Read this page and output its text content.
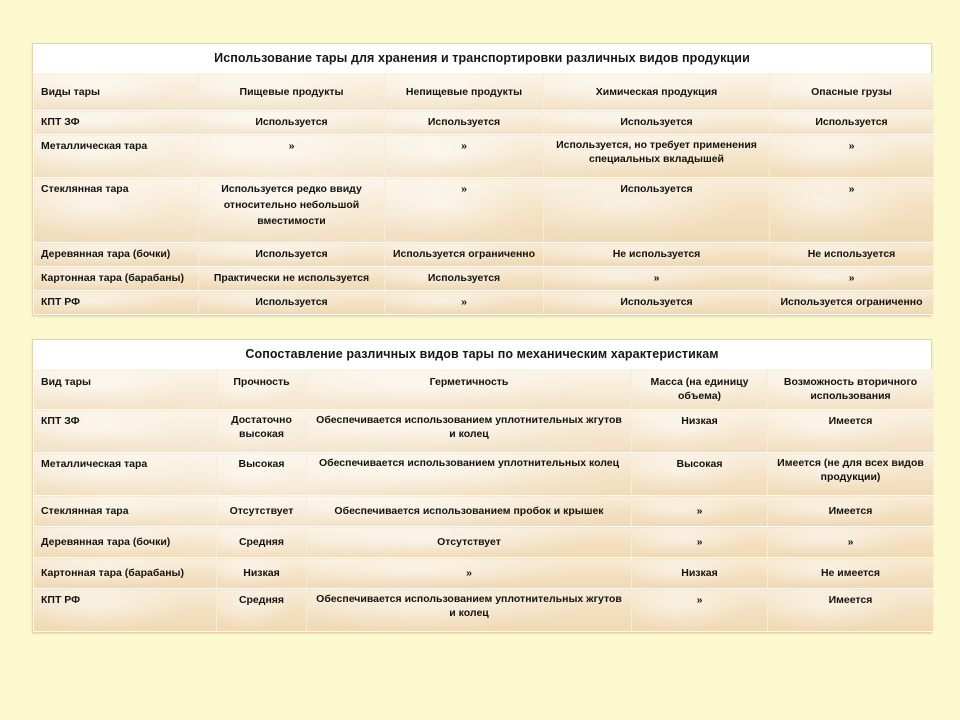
Использование тары для хранения и транспортировки различных видов продукции
Виды тары	Пищевые продукты	Непищевые продукты	Химическая продукция	Опасные грузы
КПТ ЗФ	Используется	Используется	Используется	Используется
Металлическая тара	»	»	Используется, но требует применения специальных вкладышей	»
Стеклянная тара	Используется редко ввиду относительно небольшой вместимости	»	Используется	»
Деревянная тара (бочки)	Используется	Используется ограниченно	Не используется	Не используется
Картонная тара (барабаны)	Практически не используется	Используется	»	»
КПТ РФ	Используется	»	Используется	Используется ограниченно
Сопоставление различных видов тары по механическим характеристикам
Вид тары	Прочность	Герметичность	Масса (на единицу объема)	Возможность вторичного использования
КПТ ЗФ	Достаточно высокая	Обеспечивается использованием уплотнительных жгутов и колец	Низкая	Имеется
Металлическая тара	Высокая	Обеспечивается использованием уплотнительных колец	Высокая	Имеется (не для всех видов продукции)
Стеклянная тара	Отсутствует	Обеспечивается использованием пробок и крышек	»	Имеется
Деревянная тара (бочки)	Средняя	Отсутствует	»	»
Картонная тара (барабаны)	Низкая	»	Низкая	Не имеется
КПТ РФ	Средняя	Обеспечивается использованием уплотнительных жгутов и колец	»	Имеется
